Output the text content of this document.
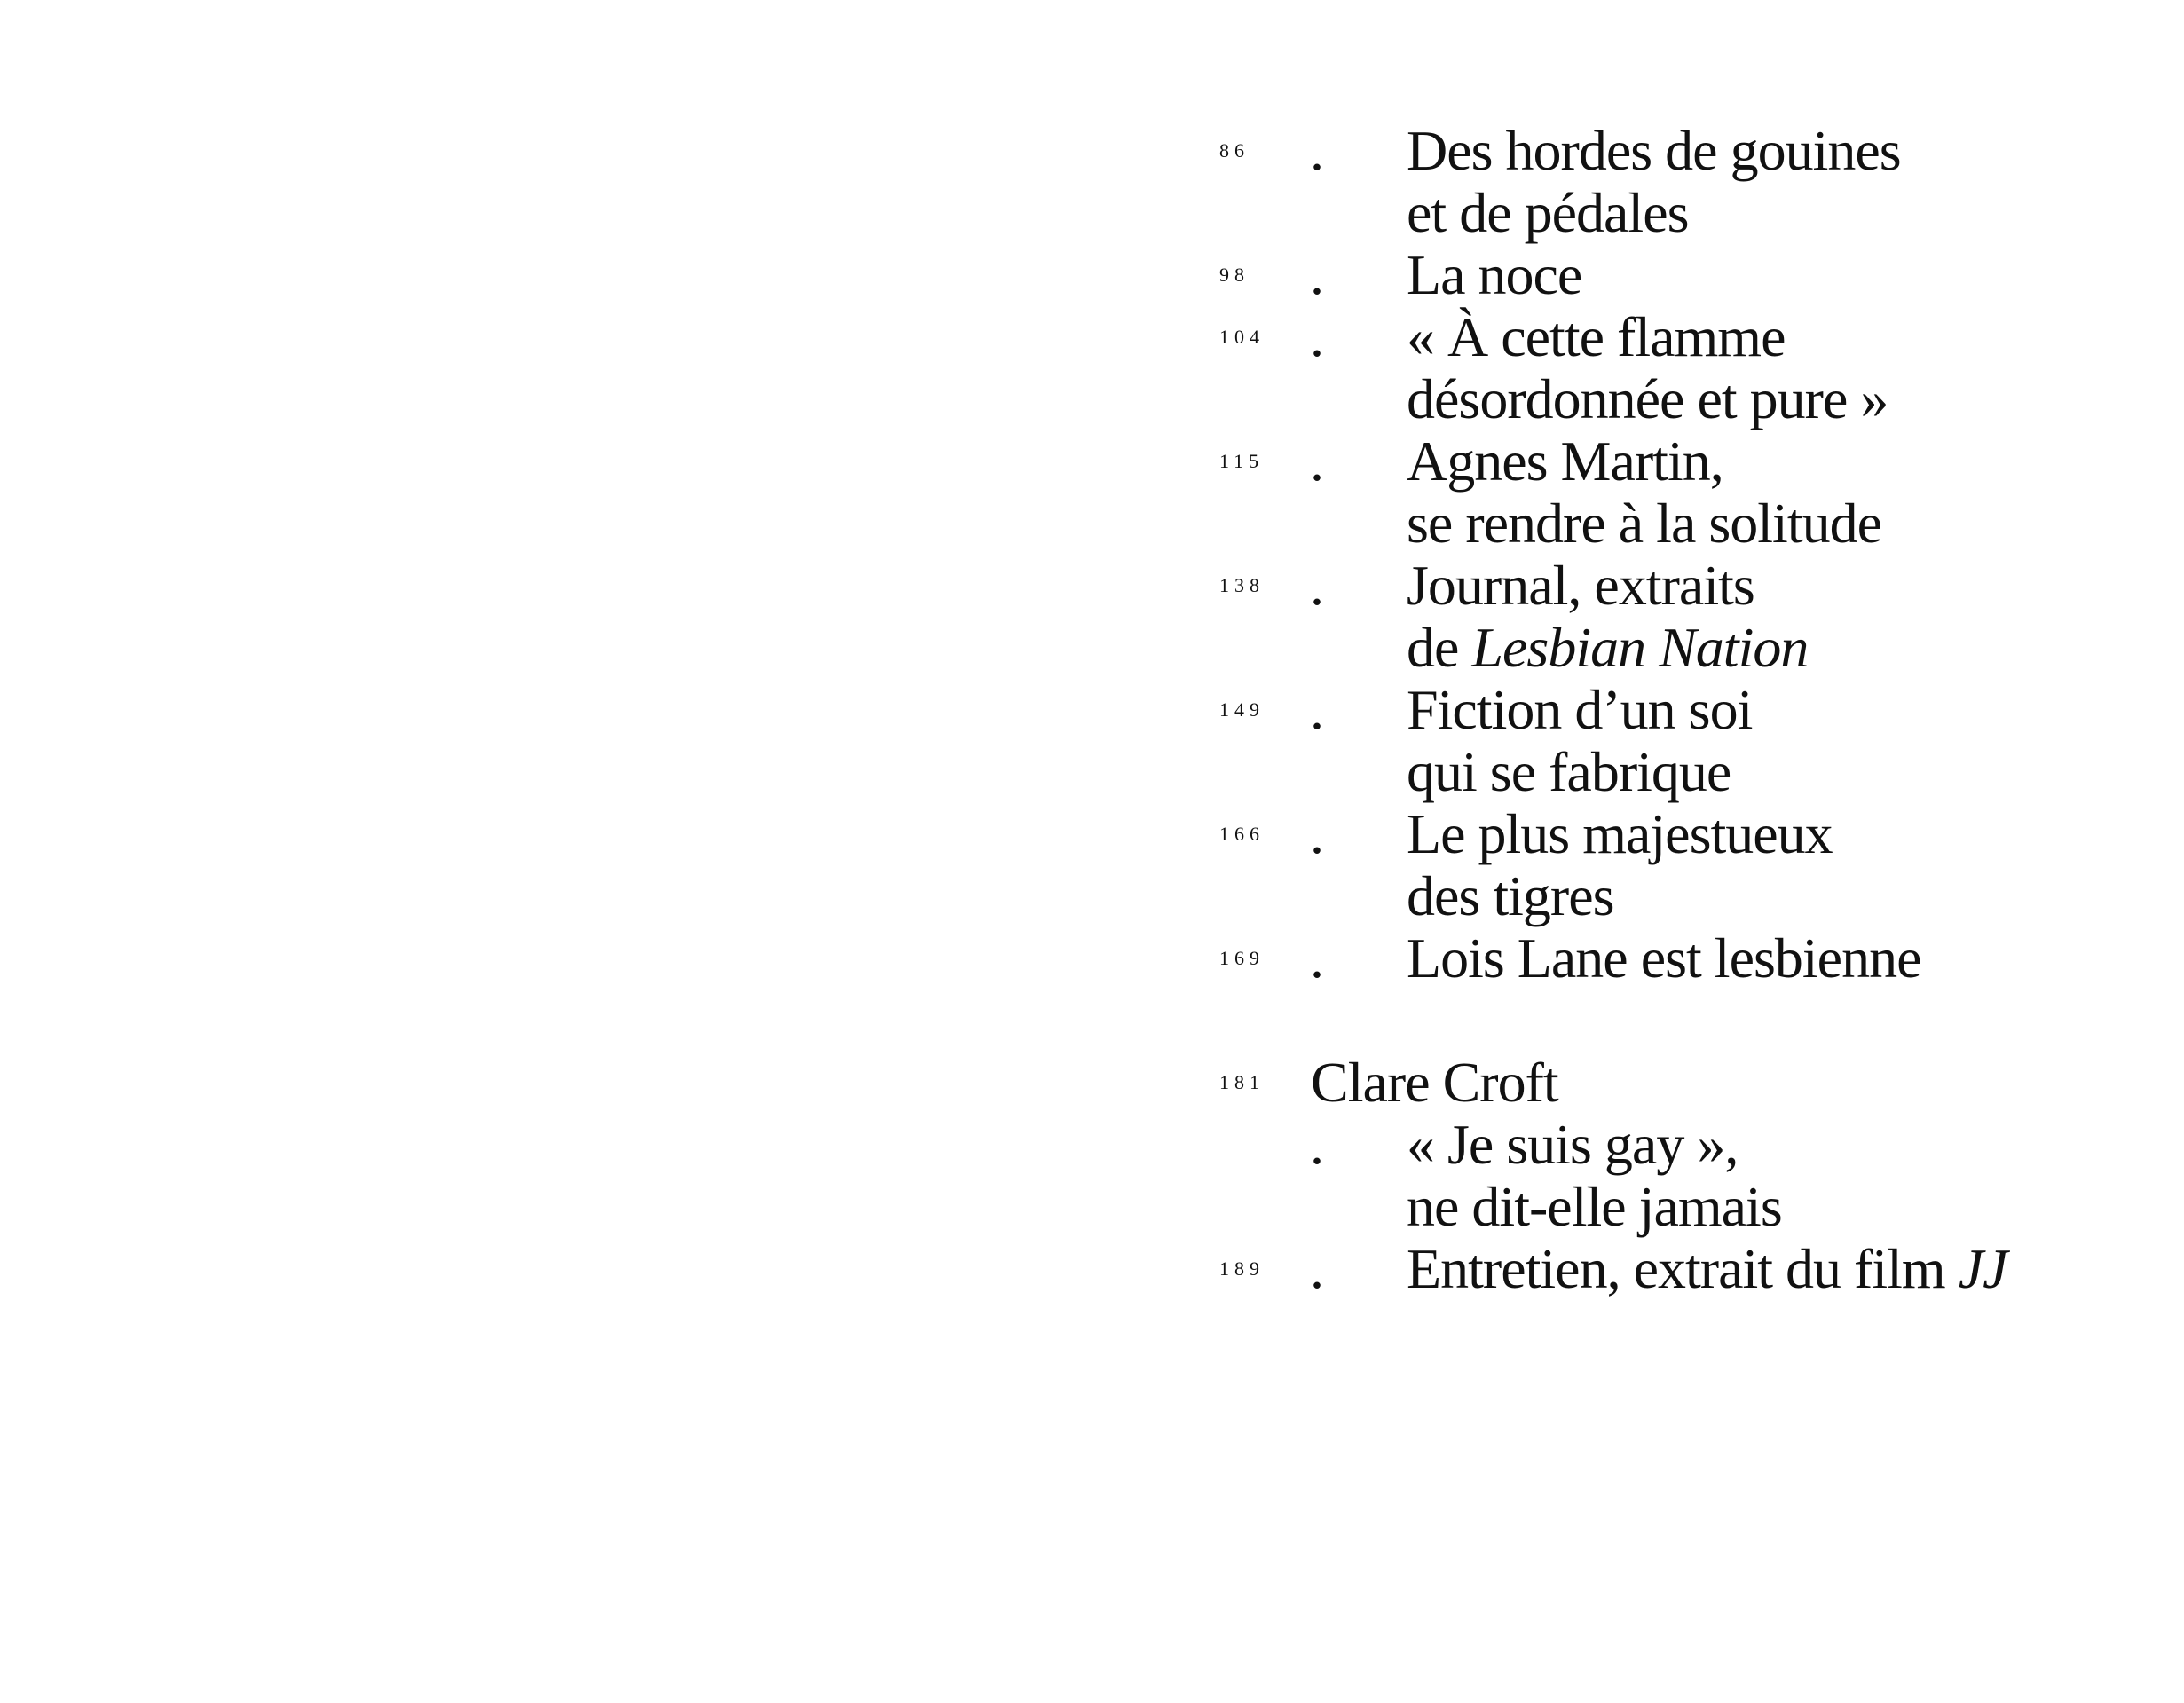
86 . Des hordes de gouines
et de pédales
98 . La noce
104 . « À cette flamme
désordonnée et pure »
115 . Agnes Martin,
se rendre à la solitude
138 . Journal, extraits
de Lesbian Nation
149 . Fiction d’un soi
qui se fabrique
166 . Le plus majestueux
des tigres
169 . Lois Lane est lesbienne
181 Clare Croft
. « Je suis gay »,
ne dit-elle jamais
189 . Entretien, extrait du film JJ
